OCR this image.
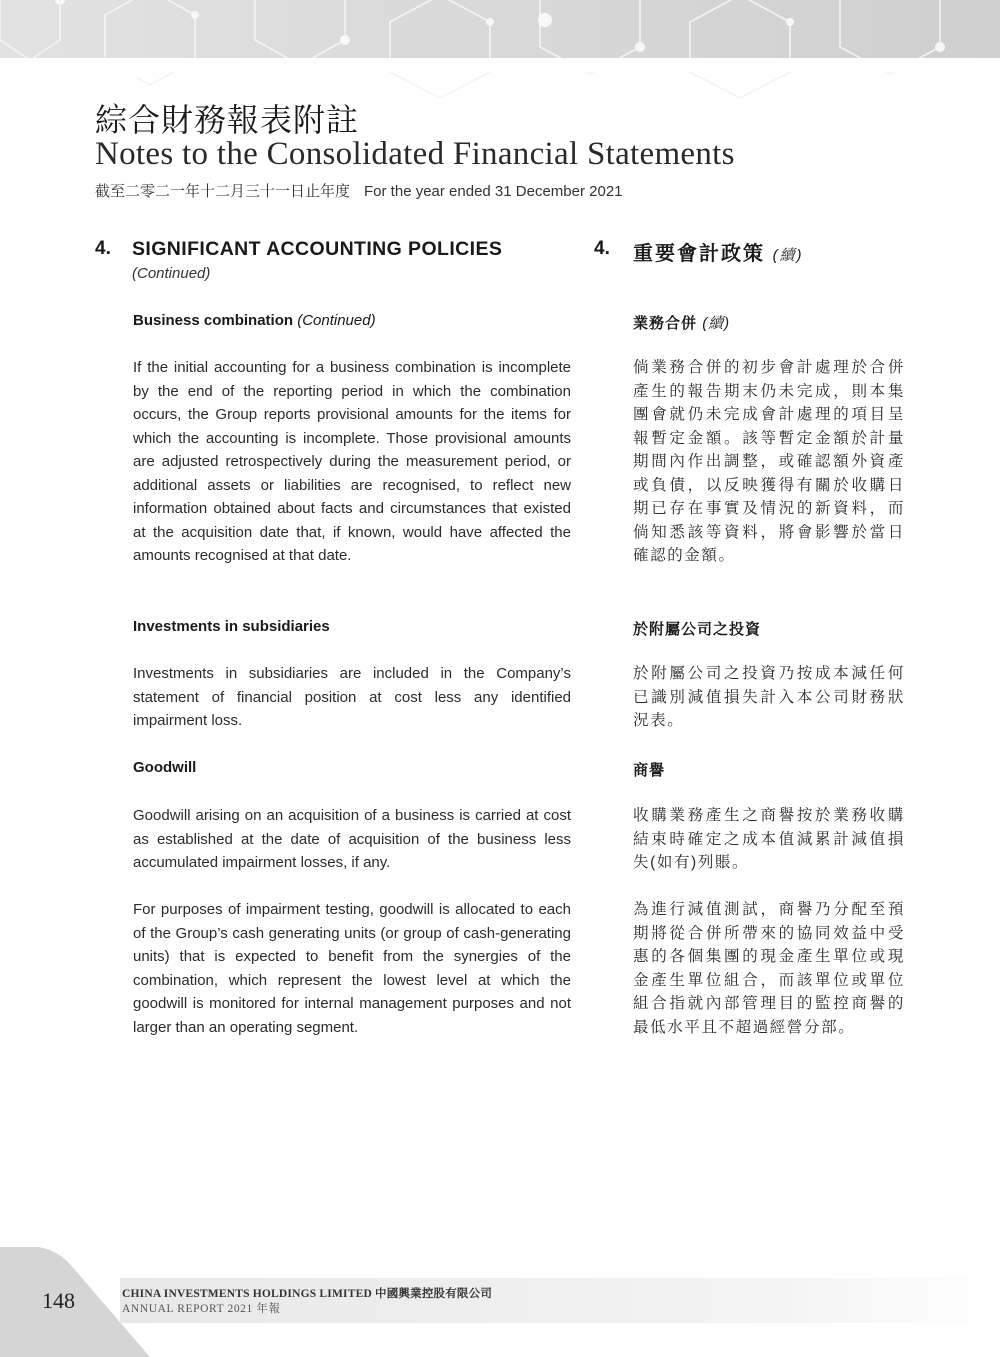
綜合財務報表附註
Notes to the Consolidated Financial Statements
截至二零二一年十二月三十一日止年度 For the year ended 31 December 2021
4. SIGNIFICANT ACCOUNTING POLICIES
(Continued)
4. 重要會計政策 (續)
Business combination (Continued)	業務合併 (續)
If the initial accounting for a business combination is incomplete by the end of the reporting period in which the combination occurs, the Group reports provisional amounts for the items for which the accounting is incomplete. Those provisional amounts are adjusted retrospectively during the measurement period, or additional assets or liabilities are recognised, to reflect new information obtained about facts and circumstances that existed at the acquisition date that, if known, would have affected the amounts recognised at that date.
倘業務合併的初步會計處理於合併產生的報告期末仍未完成，則本集團會就仍未完成會計處理的項目呈報暫定金額。該等暫定金額於計量期間內作出調整，或確認額外資產或負債，以反映獲得有關於收購日期已存在事實及情況的新資料，而倘知悉該等資料，將會影響於當日確認的金額。
Investments in subsidiaries	於附屬公司之投資
Investments in subsidiaries are included in the Company’s statement of financial position at cost less any identified impairment loss.
於附屬公司之投資乃按成本減任何已識別減值損失計入本公司財務狀況表。
Goodwill	商譽
Goodwill arising on an acquisition of a business is carried at cost as established at the date of acquisition of the business less accumulated impairment losses, if any.
收購業務產生之商譽按於業務收購結束時確定之成本值減累計減值損失(如有)列賬。
For purposes of impairment testing, goodwill is allocated to each of the Group’s cash generating units (or group of cash-generating units) that is expected to benefit from the synergies of the combination, which represent the lowest level at which the goodwill is monitored for internal management purposes and not larger than an operating segment.
為進行減值測試，商譽乃分配至預期將從合併所帶來的協同效益中受惠的各個集團的現金產生單位或現金產生單位組合，而該單位或單位組合指就內部管理目的監控商譽的最低水平且不超過經營分部。
148	CHINA INVESTMENTS HOLDINGS LIMITED 中國興業控股有限公司
ANNUAL REPORT 2021 年報
